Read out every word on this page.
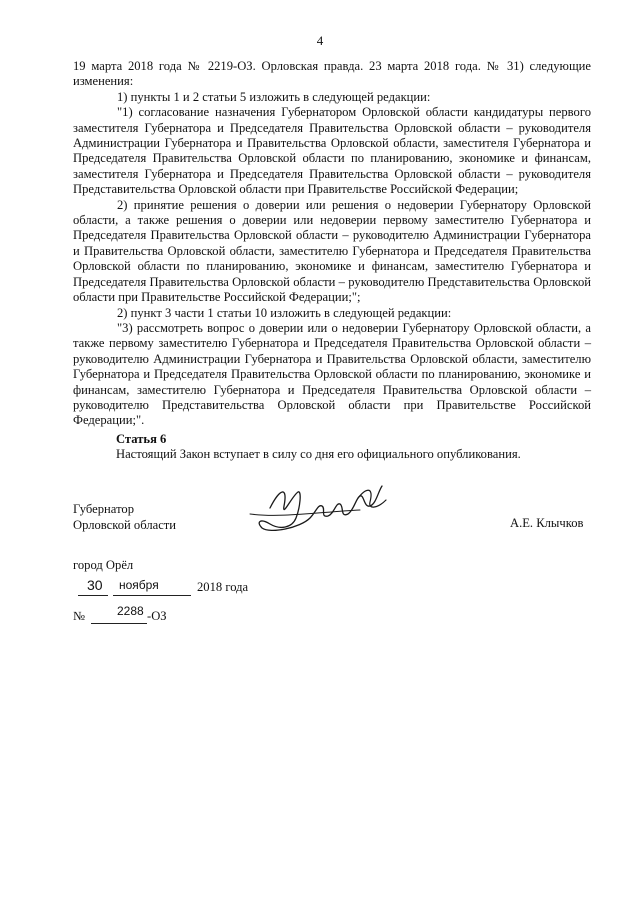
4

19 марта 2018 года № 2219-ОЗ. Орловская правда. 23 марта 2018 года. № 31) следующие изменения:

1) пункты 1 и 2 статьи 5 изложить в следующей редакции:

"1) согласование назначения Губернатором Орловской области кандидатуры первого заместителя Губернатора и Председателя Правительства Орловской области – руководителя Администрации Губернатора и Правительства Орловской области, заместителя Губернатора и Председателя Правительства Орловской области по планированию, экономике и финансам, заместителя Губернатора и Председателя Правительства Орловской области – руководителя Представительства Орловской области при Правительстве Российской Федерации;

2) принятие решения о доверии или решения о недоверии Губернатору Орловской области, а также решения о доверии или недоверии первому заместителю Губернатора и Председателя Правительства Орловской области – руководителю Администрации Губернатора и Правительства Орловской области, заместителю Губернатора и Председателя Правительства Орловской области по планированию, экономике и финансам, заместителю Губернатора и Председателя Правительства Орловской области – руководителю Представительства Орловской области при Правительстве Российской Федерации;";

2) пункт 3 части 1 статьи 10 изложить в следующей редакции:

"3) рассмотреть вопрос о доверии или о недоверии Губернатору Орловской области, а также первому заместителю Губернатора и Председателя Правительства Орловской области – руководителю Администрации Губернатора и Правительства Орловской области, заместителю Губернатора и Председателя Правительства Орловской области по планированию, экономике и финансам, заместителю Губернатора и Председателя Правительства Орловской области – руководителю Представительства Орловской области при Правительстве Российской Федерации;".

Статья 6
Настоящий Закон вступает в силу со дня его официального опубликования.
Губернатор
Орловской области	А.Е. Клычков
город Орёл
30 ноября	2018 года
№	2288 -ОЗ
